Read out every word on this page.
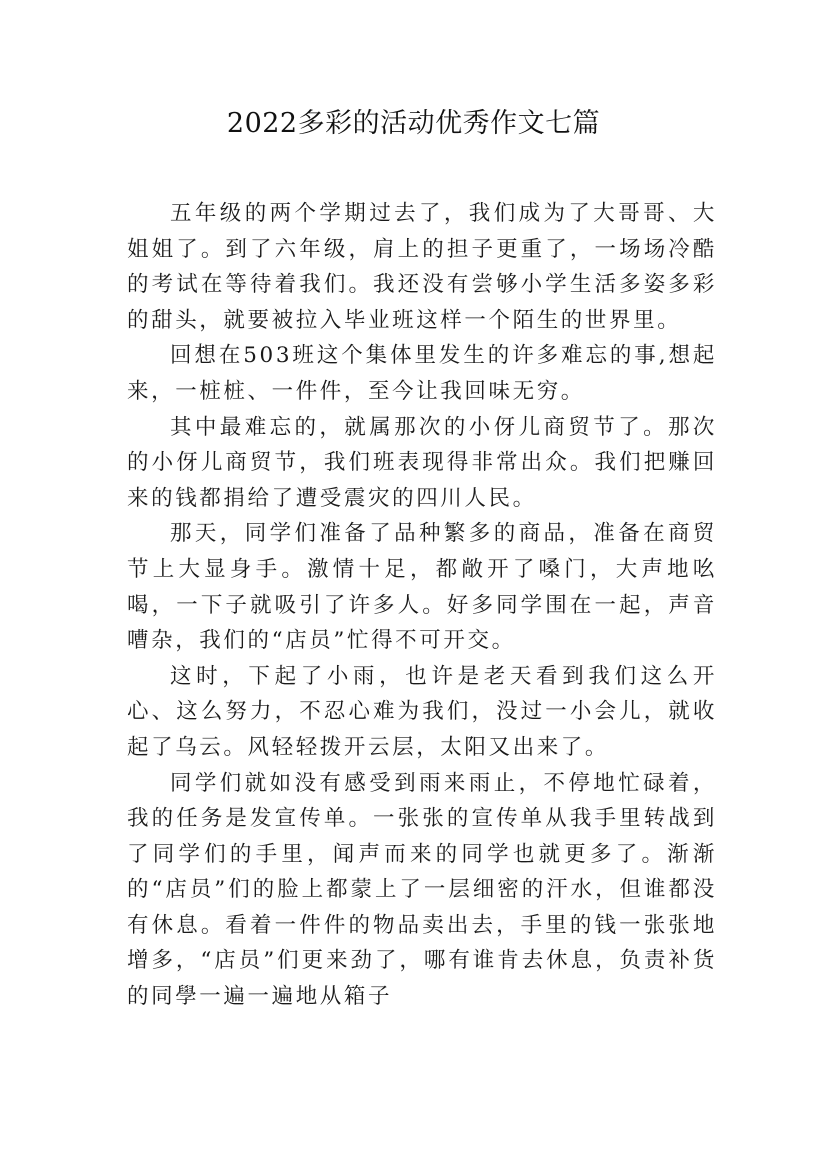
2022多彩的活动优秀作文七篇

五年级的两个学期过去了，我们成为了大哥哥、大姐姐了。到了六年级，肩上的担子更重了，一场场冷酷的考试在等待着我们。我还没有尝够小学生活多姿多彩的甜头，就要被拉入毕业班这样一个陌生的世界里。

回想在503班这个集体里发生的许多难忘的事,想起来，一桩桩、一件件，至今让我回味无穷。

其中最难忘的，就属那次的小伢儿商贸节了。那次的小伢儿商贸节，我们班表现得非常出众。我们把赚回来的钱都捐给了遭受震灾的四川人民。

那天，同学们准备了品种繁多的商品，准备在商贸节上大显身手。激情十足，都敞开了嗓门，大声地吆喝，一下子就吸引了许多人。好多同学围在一起，声音嘈杂，我们的“店员”忙得不可开交。

这时，下起了小雨，也许是老天看到我们这么开心、这么努力，不忍心难为我们，没过一小会儿，就收起了乌云。风轻轻拨开云层，太阳又出来了。

同学们就如没有感受到雨来雨止，不停地忙碌着，我的任务是发宣传单。一张张的宣传单从我手里转战到了同学们的手里，闻声而来的同学也就更多了。渐渐的“店员”们的脸上都蒙上了一层细密的汗水，但谁都没有休息。看着一件件的物品卖出去，手里的钱一张张地增多，“店员”们更来劲了，哪有谁肯去休息，负责补货的同學一遍一遍地从箱子
